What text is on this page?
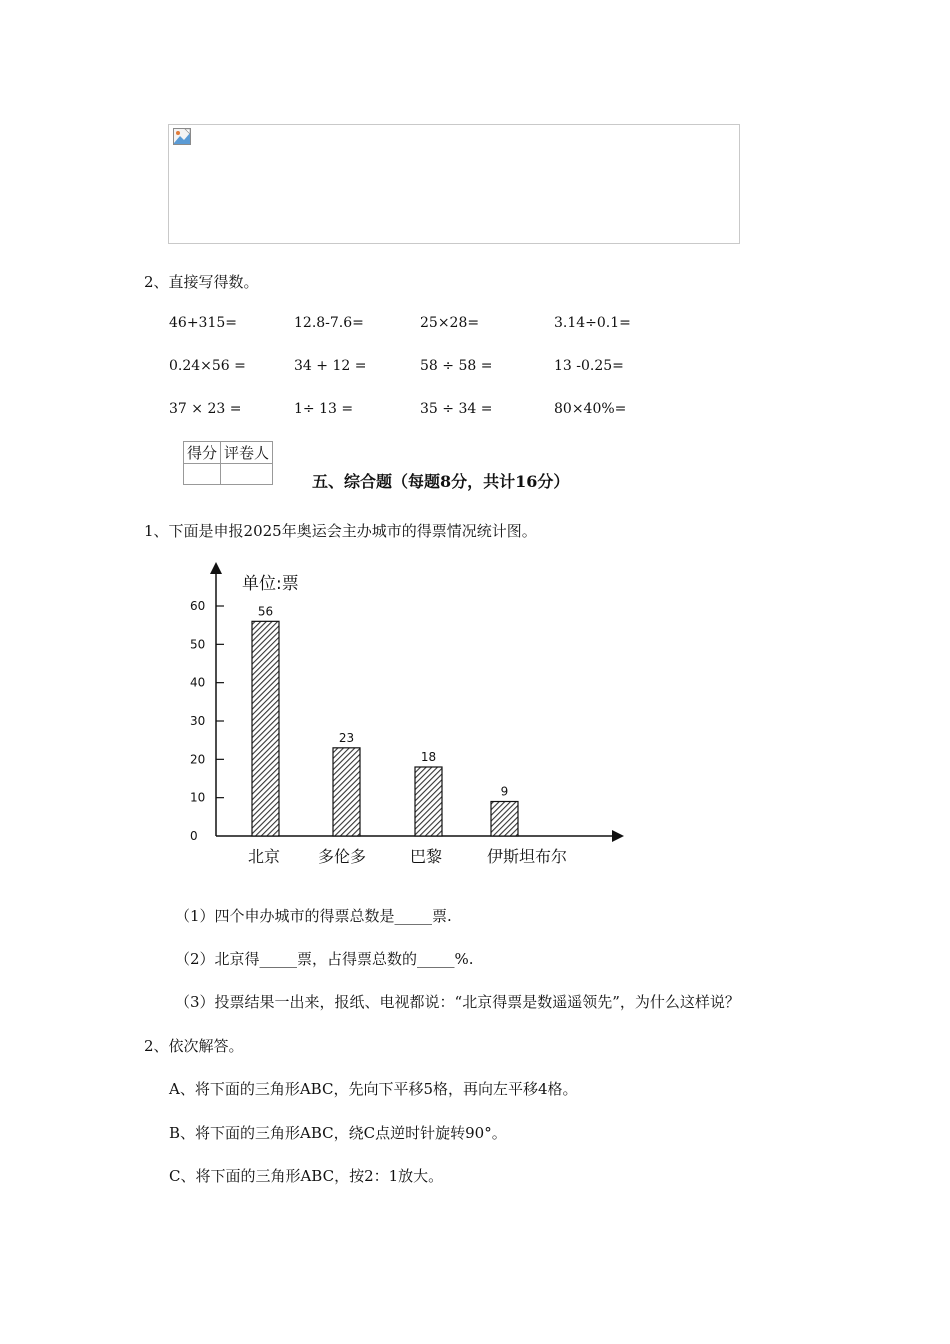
2、直接写得数。
46+315=	12.8-7.6=	25×28=	3.14÷0.1=
0.24×56 =	34 + 12 =	58 ÷ 58 =	13 -0.25=
37 × 23 =	1÷ 13 =	35 ÷ 34 =	80×40%=
得分	评卷人

五、综合题（每题8分，共计16分）
1、下面是申报2025年奥运会主办城市的得票情况统计图。
单位:票
0
10
20
30
40
50
60	56
北京
23
多伦多
18
巴黎
9
伊斯坦布尔
（1）四个申办城市的得票总数是_____票.
（2）北京得_____票，占得票总数的_____%.
（3）投票结果一出来，报纸、电视都说：“北京得票是数遥遥领先”，为什么这样说？
2、依次解答。
A、将下面的三角形ABC，先向下平移5格，再向左平移4格。
B、将下面的三角形ABC，绕C点逆时针旋转90°。
C、将下面的三角形ABC，按2：1放大。
